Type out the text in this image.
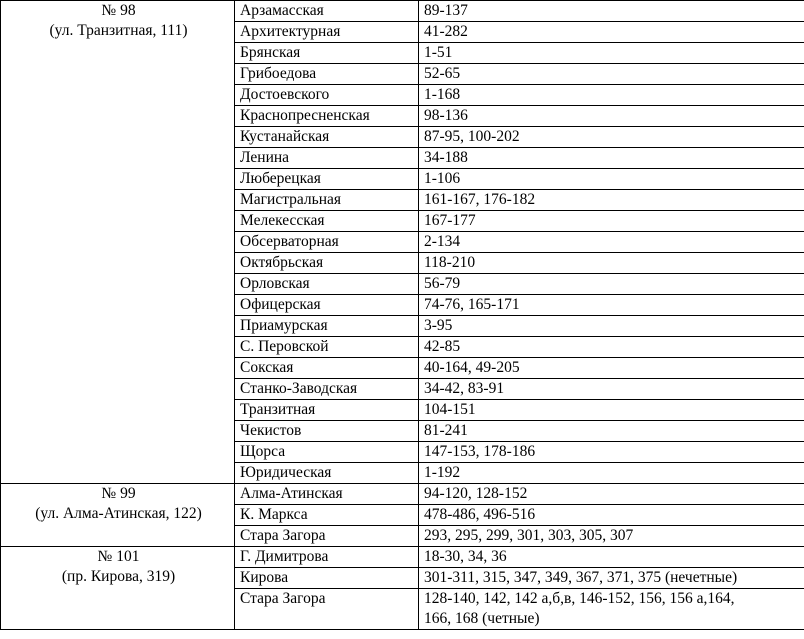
№ 98
(ул. Транзитная, 111)	Арзамасская	89-137
	Архитектурная	41-282
	Брянская	1-51
	Грибоедова	52-65
	Достоевского	1-168
	Краснопресненская	98-136
	Кустанайская	87-95, 100-202
	Ленина	34-188
	Люберецкая	1-106
	Магистральная	161-167, 176-182
	Мелекесская	167-177
	Обсерваторная	2-134
	Октябрьская	118-210
	Орловская	56-79
	Офицерская	74-76, 165-171
	Приамурская	3-95
	С. Перовской	42-85
	Сокская	40-164, 49-205
	Станко-Заводская	34-42, 83-91
	Транзитная	104-151
	Чекистов	81-241
	Щорса	147-153, 178-186
	Юридическая	1-192

№ 99
(ул. Алма-Атинская, 122)	Алма-Атинская	94-120, 128-152
	К. Маркса	478-486, 496-516
	Стара Загора	293, 295, 299, 301, 303, 305, 307

№ 101
(пр. Кирова, 319)	Г. Димитрова	18-30, 34, 36
	Кирова	301-311, 315, 347, 349, 367, 371, 375 (нечетные)
	Стара Загора	128-140, 142, 142 а,б,в, 146-152, 156, 156 а,164,
166, 168 (четные)
